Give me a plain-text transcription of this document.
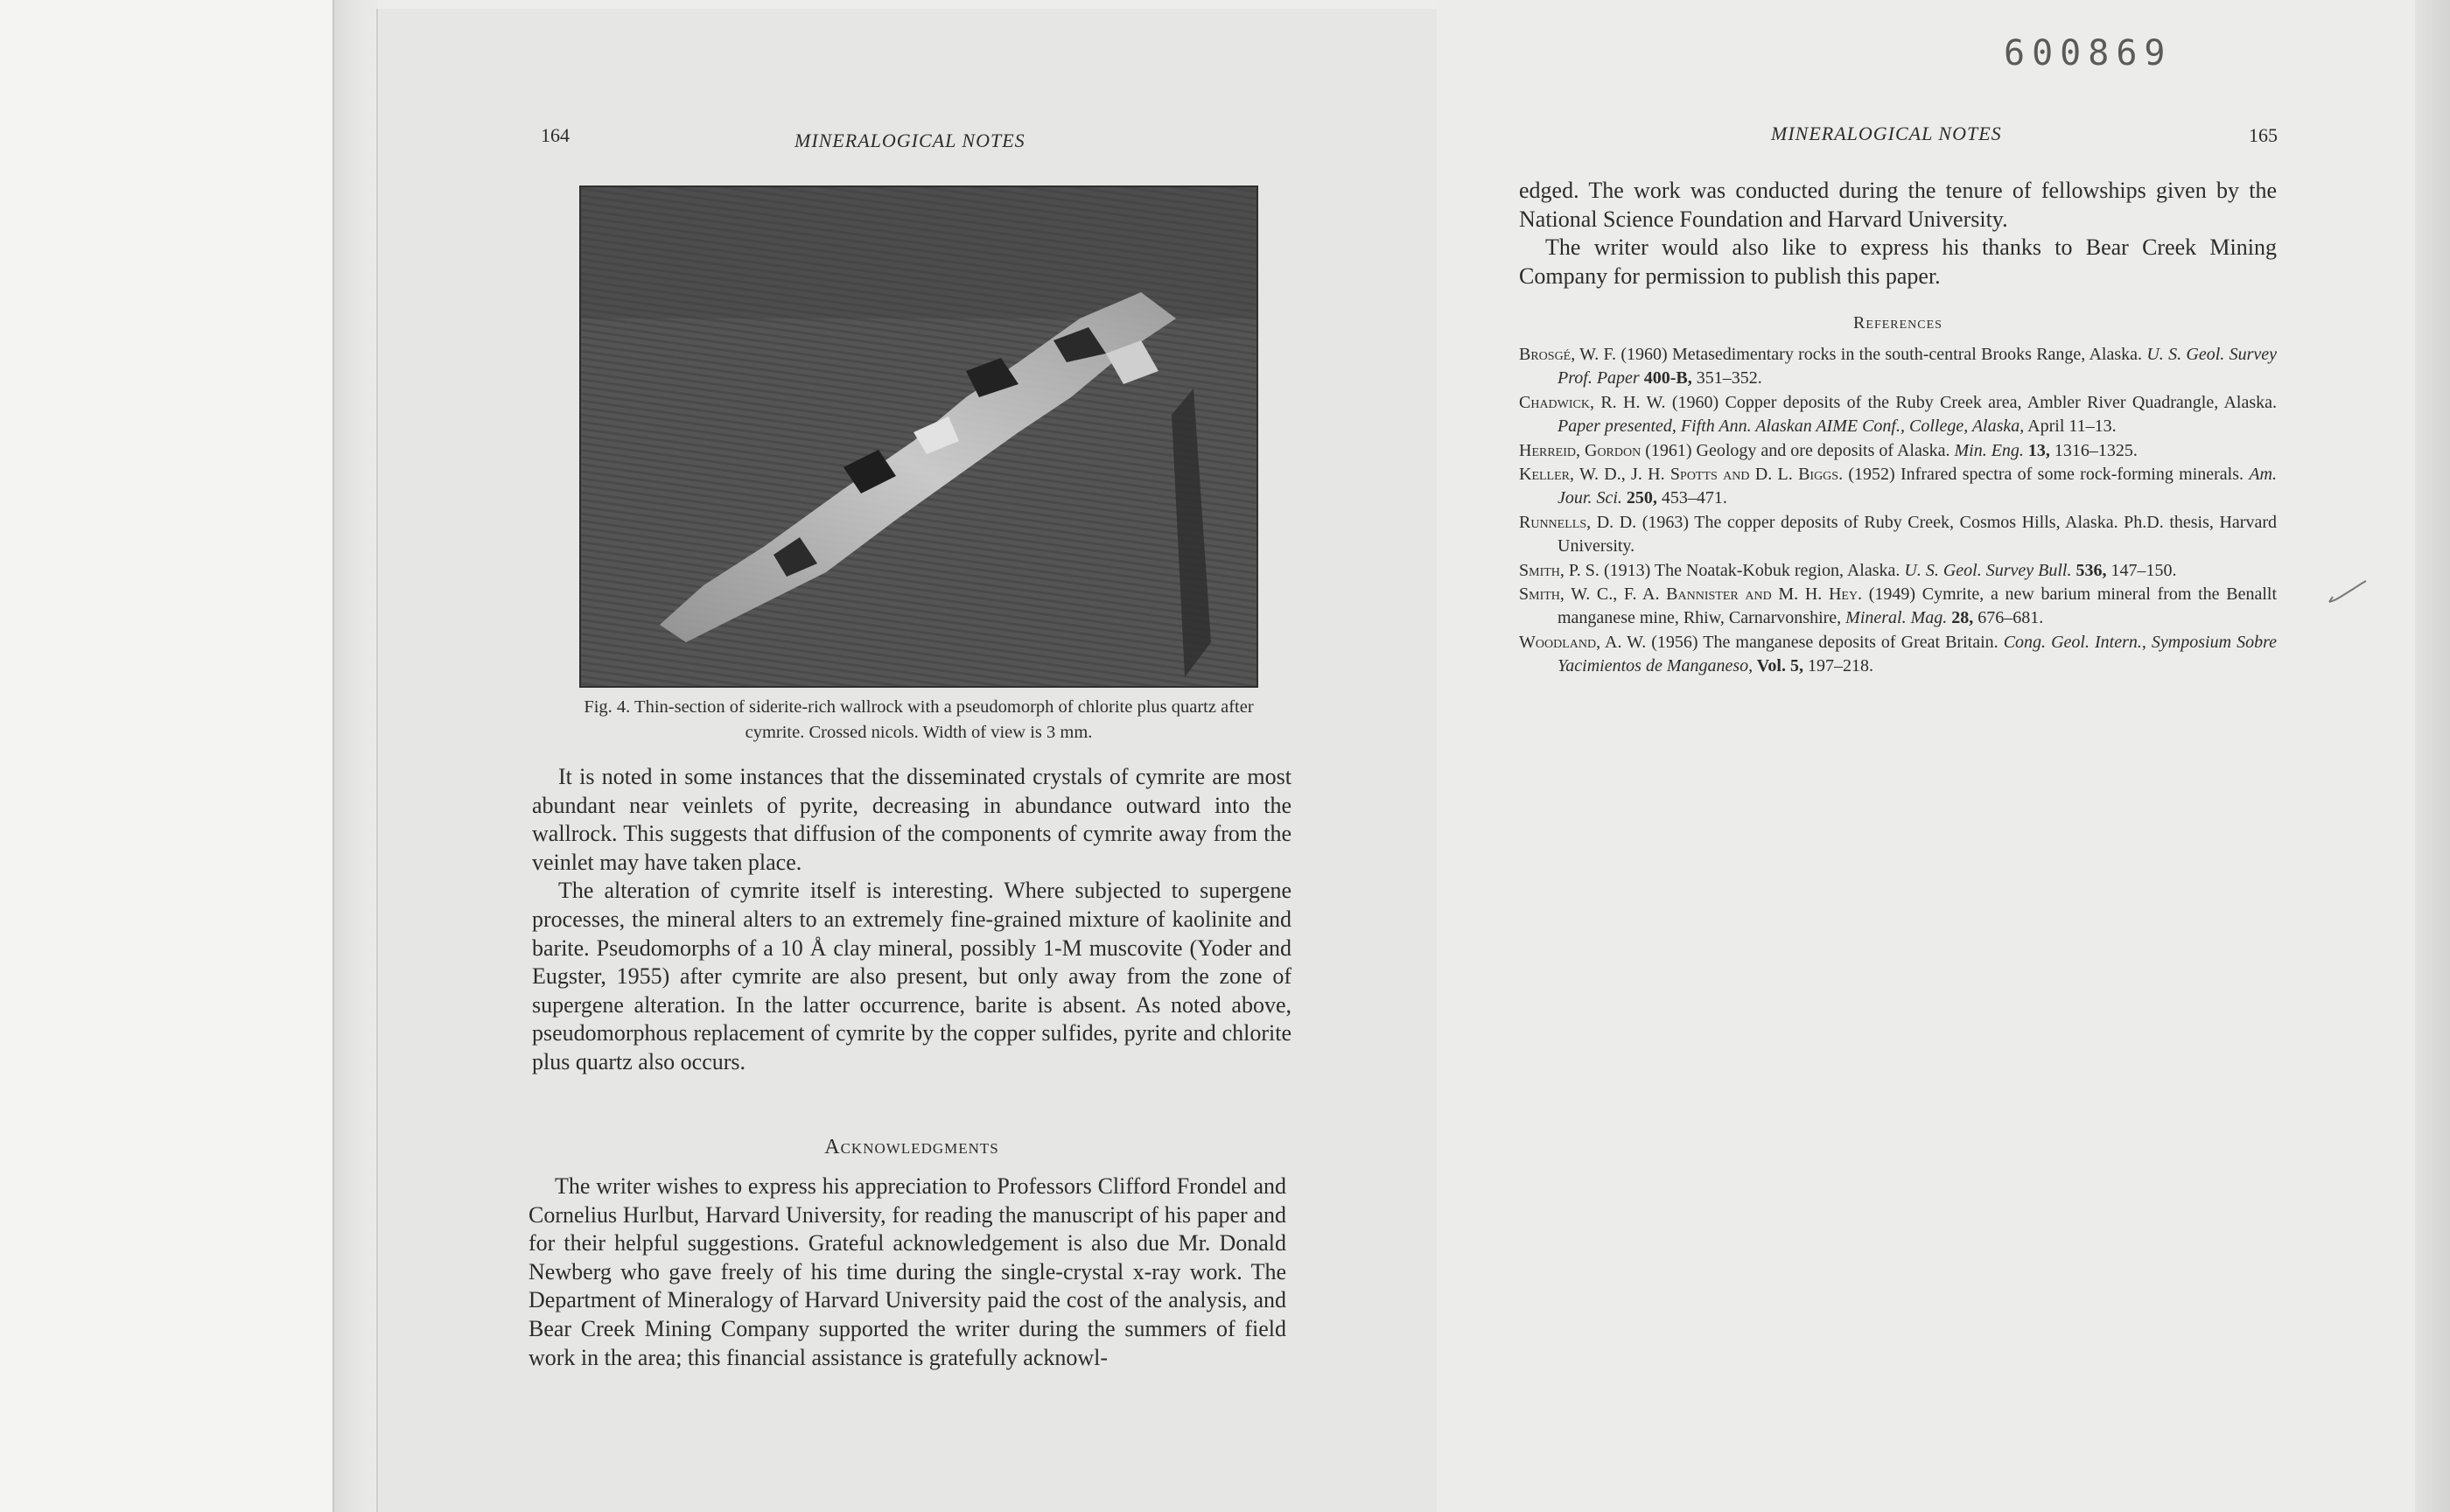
164	MINERALOGICAL NOTES
Fig. 4. Thin-section of siderite-rich wallrock with a pseudomorph of chlorite plus quartz after cymrite. Crossed nicols. Width of view is 3 mm.

It is noted in some instances that the disseminated crystals of cymrite are most abundant near veinlets of pyrite, decreasing in abundance outward into the wallrock. This suggests that diffusion of the components of cymrite away from the veinlet may have taken place.

The alteration of cymrite itself is interesting. Where subjected to supergene processes, the mineral alters to an extremely fine-grained mixture of kaolinite and barite. Pseudomorphs of a 10 Å clay mineral, possibly 1-M muscovite (Yoder and Eugster, 1955) after cymrite are also present, but only away from the zone of supergene alteration. In the latter occurrence, barite is absent. As noted above, pseudomorphous replacement of cymrite by the copper sulfides, pyrite and chlorite plus quartz also occurs.

Acknowledgments

The writer wishes to express his appreciation to Professors Clifford Frondel and Cornelius Hurlbut, Harvard University, for reading the manuscript of his paper and for their helpful suggestions. Grateful acknowledgement is also due Mr. Donald Newberg who gave freely of his time during the single-crystal x-ray work. The Department of Mineralogy of Harvard University paid the cost of the analysis, and Bear Creek Mining Company supported the writer during the summers of field work in the area; this financial assistance is gratefully acknowl-

600869
MINERALOGICAL NOTES	165

edged. The work was conducted during the tenure of fellowships given by the National Science Foundation and Harvard University.

The writer would also like to express his thanks to Bear Creek Mining Company for permission to publish this paper.

References

Brosgé, W. F. (1960) Metasedimentary rocks in the south-central Brooks Range, Alaska. U. S. Geol. Survey Prof. Paper 400-B, 351–352.

Chadwick, R. H. W. (1960) Copper deposits of the Ruby Creek area, Ambler River Quadrangle, Alaska. Paper presented, Fifth Ann. Alaskan AIME Conf., College, Alaska, April 11–13.

Herreid, Gordon (1961) Geology and ore deposits of Alaska. Min. Eng. 13, 1316–1325.

Keller, W. D., J. H. Spotts and D. L. Biggs. (1952) Infrared spectra of some rock-forming minerals. Am. Jour. Sci. 250, 453–471.

Runnells, D. D. (1963) The copper deposits of Ruby Creek, Cosmos Hills, Alaska. Ph.D. thesis, Harvard University.

Smith, P. S. (1913) The Noatak-Kobuk region, Alaska. U. S. Geol. Survey Bull. 536, 147–150.

Smith, W. C., F. A. Bannister and M. H. Hey. (1949) Cymrite, a new barium mineral from the Benallt manganese mine, Rhiw, Carnarvonshire, Mineral. Mag. 28, 676–681.

Woodland, A. W. (1956) The manganese deposits of Great Britain. Cong. Geol. Intern., Symposium Sobre Yacimientos de Manganeso, Vol. 5, 197–218.
